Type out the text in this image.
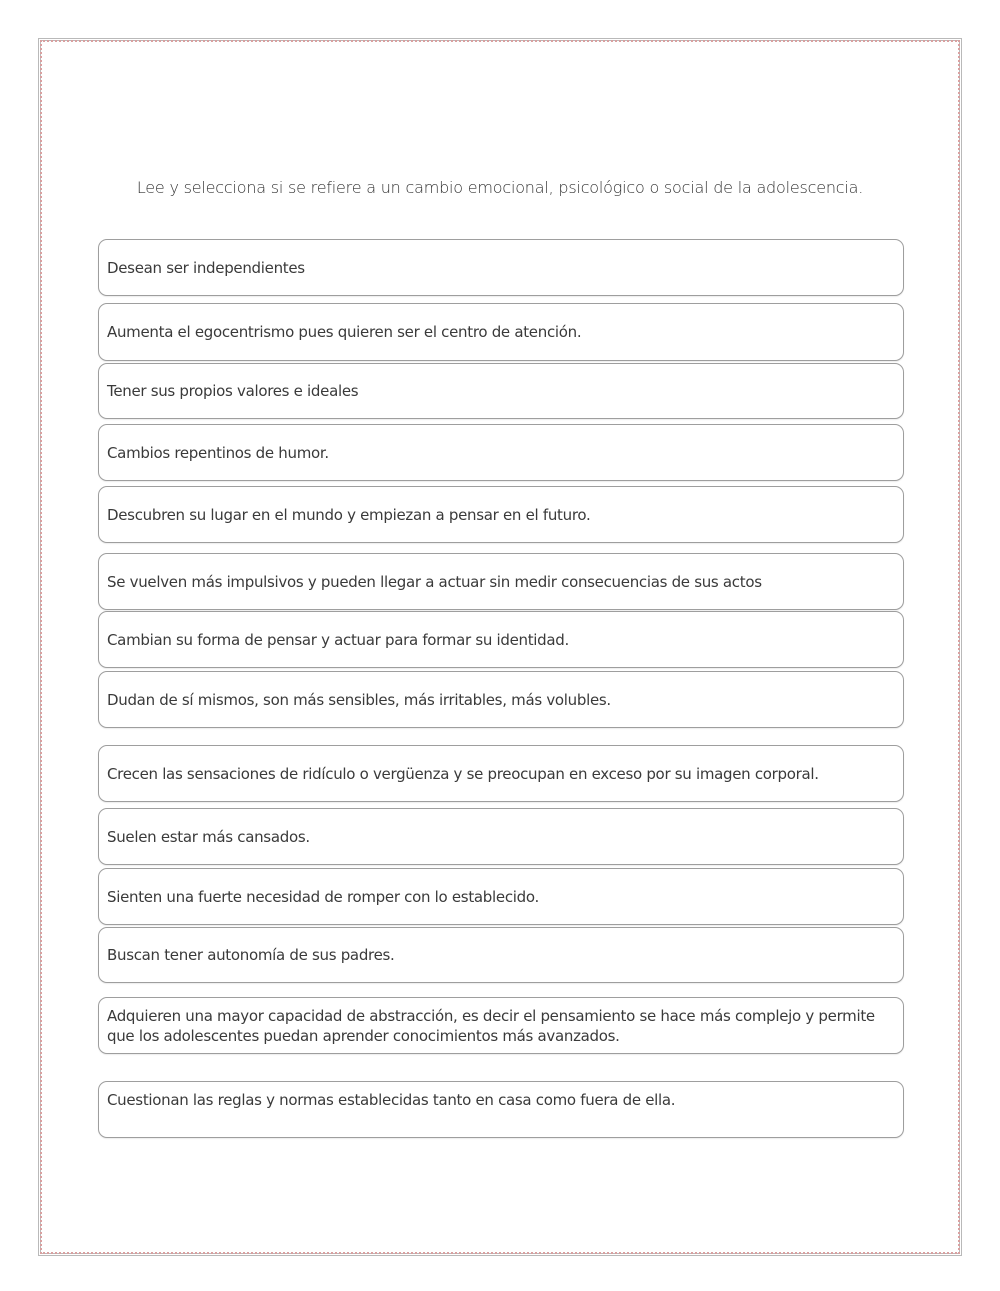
Lee y selecciona si se refiere a un cambio emocional, psicológico o social de la adolescencia.
Desean ser independientes
Aumenta el egocentrismo pues quieren ser el centro de atención.
Tener sus propios valores e ideales
Cambios repentinos de humor.
Descubren su lugar en el mundo y empiezan a pensar en el futuro.
Se vuelven más impulsivos y pueden llegar a actuar sin medir consecuencias de sus actos
Cambian su forma de pensar y actuar para formar su identidad.
Dudan de sí mismos, son más sensibles, más irritables, más volubles.
Crecen las sensaciones de ridículo o vergüenza y se preocupan en exceso por su imagen corporal.
Suelen estar más cansados.
Sienten una fuerte necesidad de romper con lo establecido.
Buscan tener autonomía de sus padres.
Adquieren una mayor capacidad de abstracción, es decir el pensamiento se hace más complejo y permite que los adolescentes puedan aprender conocimientos más avanzados.
Cuestionan las reglas y normas establecidas tanto en casa como fuera de ella.
